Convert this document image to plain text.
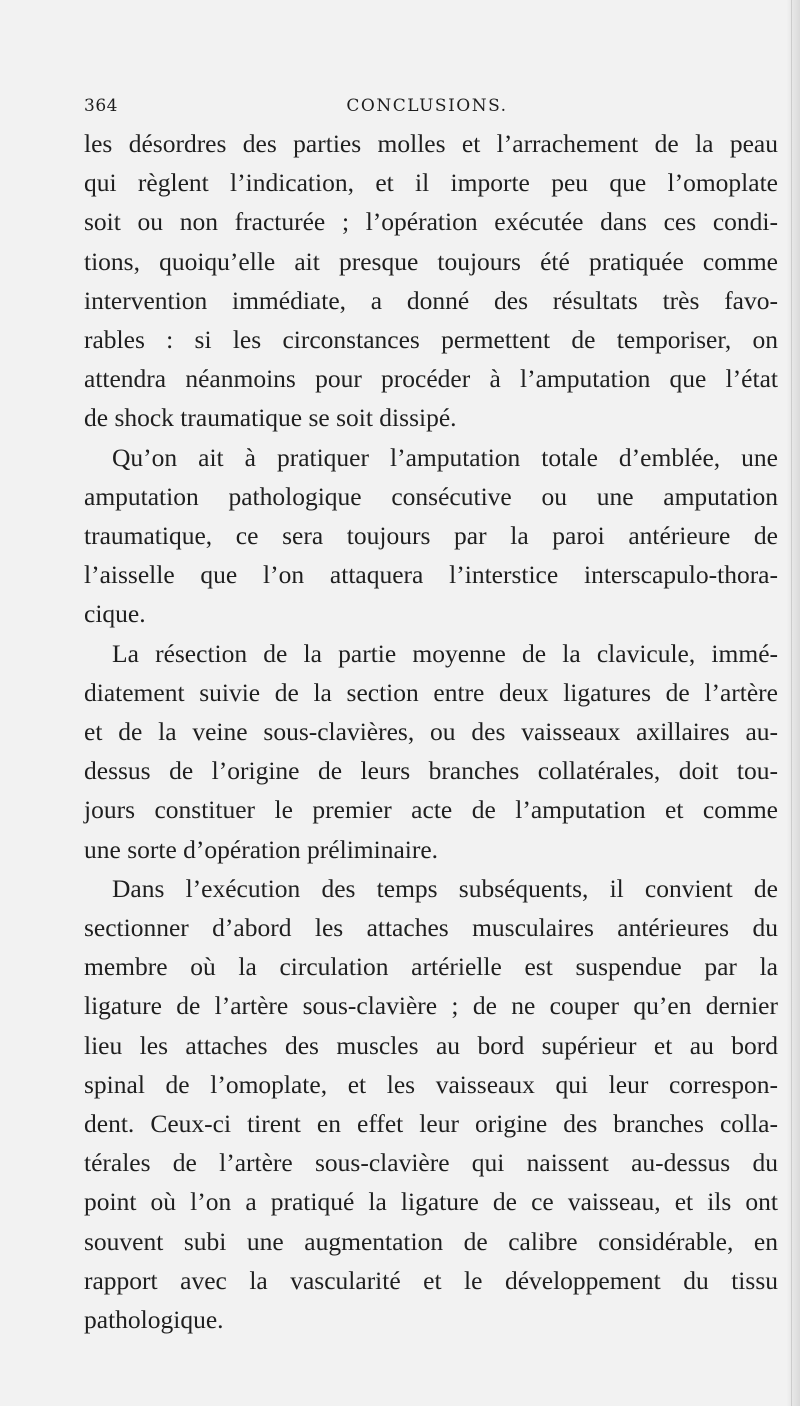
364	CONCLUSIONS.
les désordres des parties molles et l’arrachement de la peau
qui règlent l’indication, et il importe peu que l’omoplate
soit ou non fracturée ; l’opération exécutée dans ces condi-
tions, quoiqu’elle ait presque toujours été pratiquée comme
intervention immédiate, a donné des résultats très favo-
rables : si les circonstances permettent de temporiser, on
attendra néanmoins pour procéder à l’amputation que l’état
de shock traumatique se soit dissipé.
Qu’on ait à pratiquer l’amputation totale d’emblée, une
amputation pathologique consécutive ou une amputation
traumatique, ce sera toujours par la paroi antérieure de
l’aisselle que l’on attaquera l’interstice interscapulo-thora-
cique.
La résection de la partie moyenne de la clavicule, immé-
diatement suivie de la section entre deux ligatures de l’artère
et de la veine sous-clavières, ou des vaisseaux axillaires au-
dessus de l’origine de leurs branches collatérales, doit tou-
jours constituer le premier acte de l’amputation et comme
une sorte d’opération préliminaire.
Dans l’exécution des temps subséquents, il convient de
sectionner d’abord les attaches musculaires antérieures du
membre où la circulation artérielle est suspendue par la
ligature de l’artère sous-clavière ; de ne couper qu’en dernier
lieu les attaches des muscles au bord supérieur et au bord
spinal de l’omoplate, et les vaisseaux qui leur correspon-
dent. Ceux-ci tirent en effet leur origine des branches colla-
térales de l’artère sous-clavière qui naissent au-dessus du
point où l’on a pratiqué la ligature de ce vaisseau, et ils ont
souvent subi une augmentation de calibre considérable, en
rapport avec la vascularité et le développement du tissu
pathologique.
